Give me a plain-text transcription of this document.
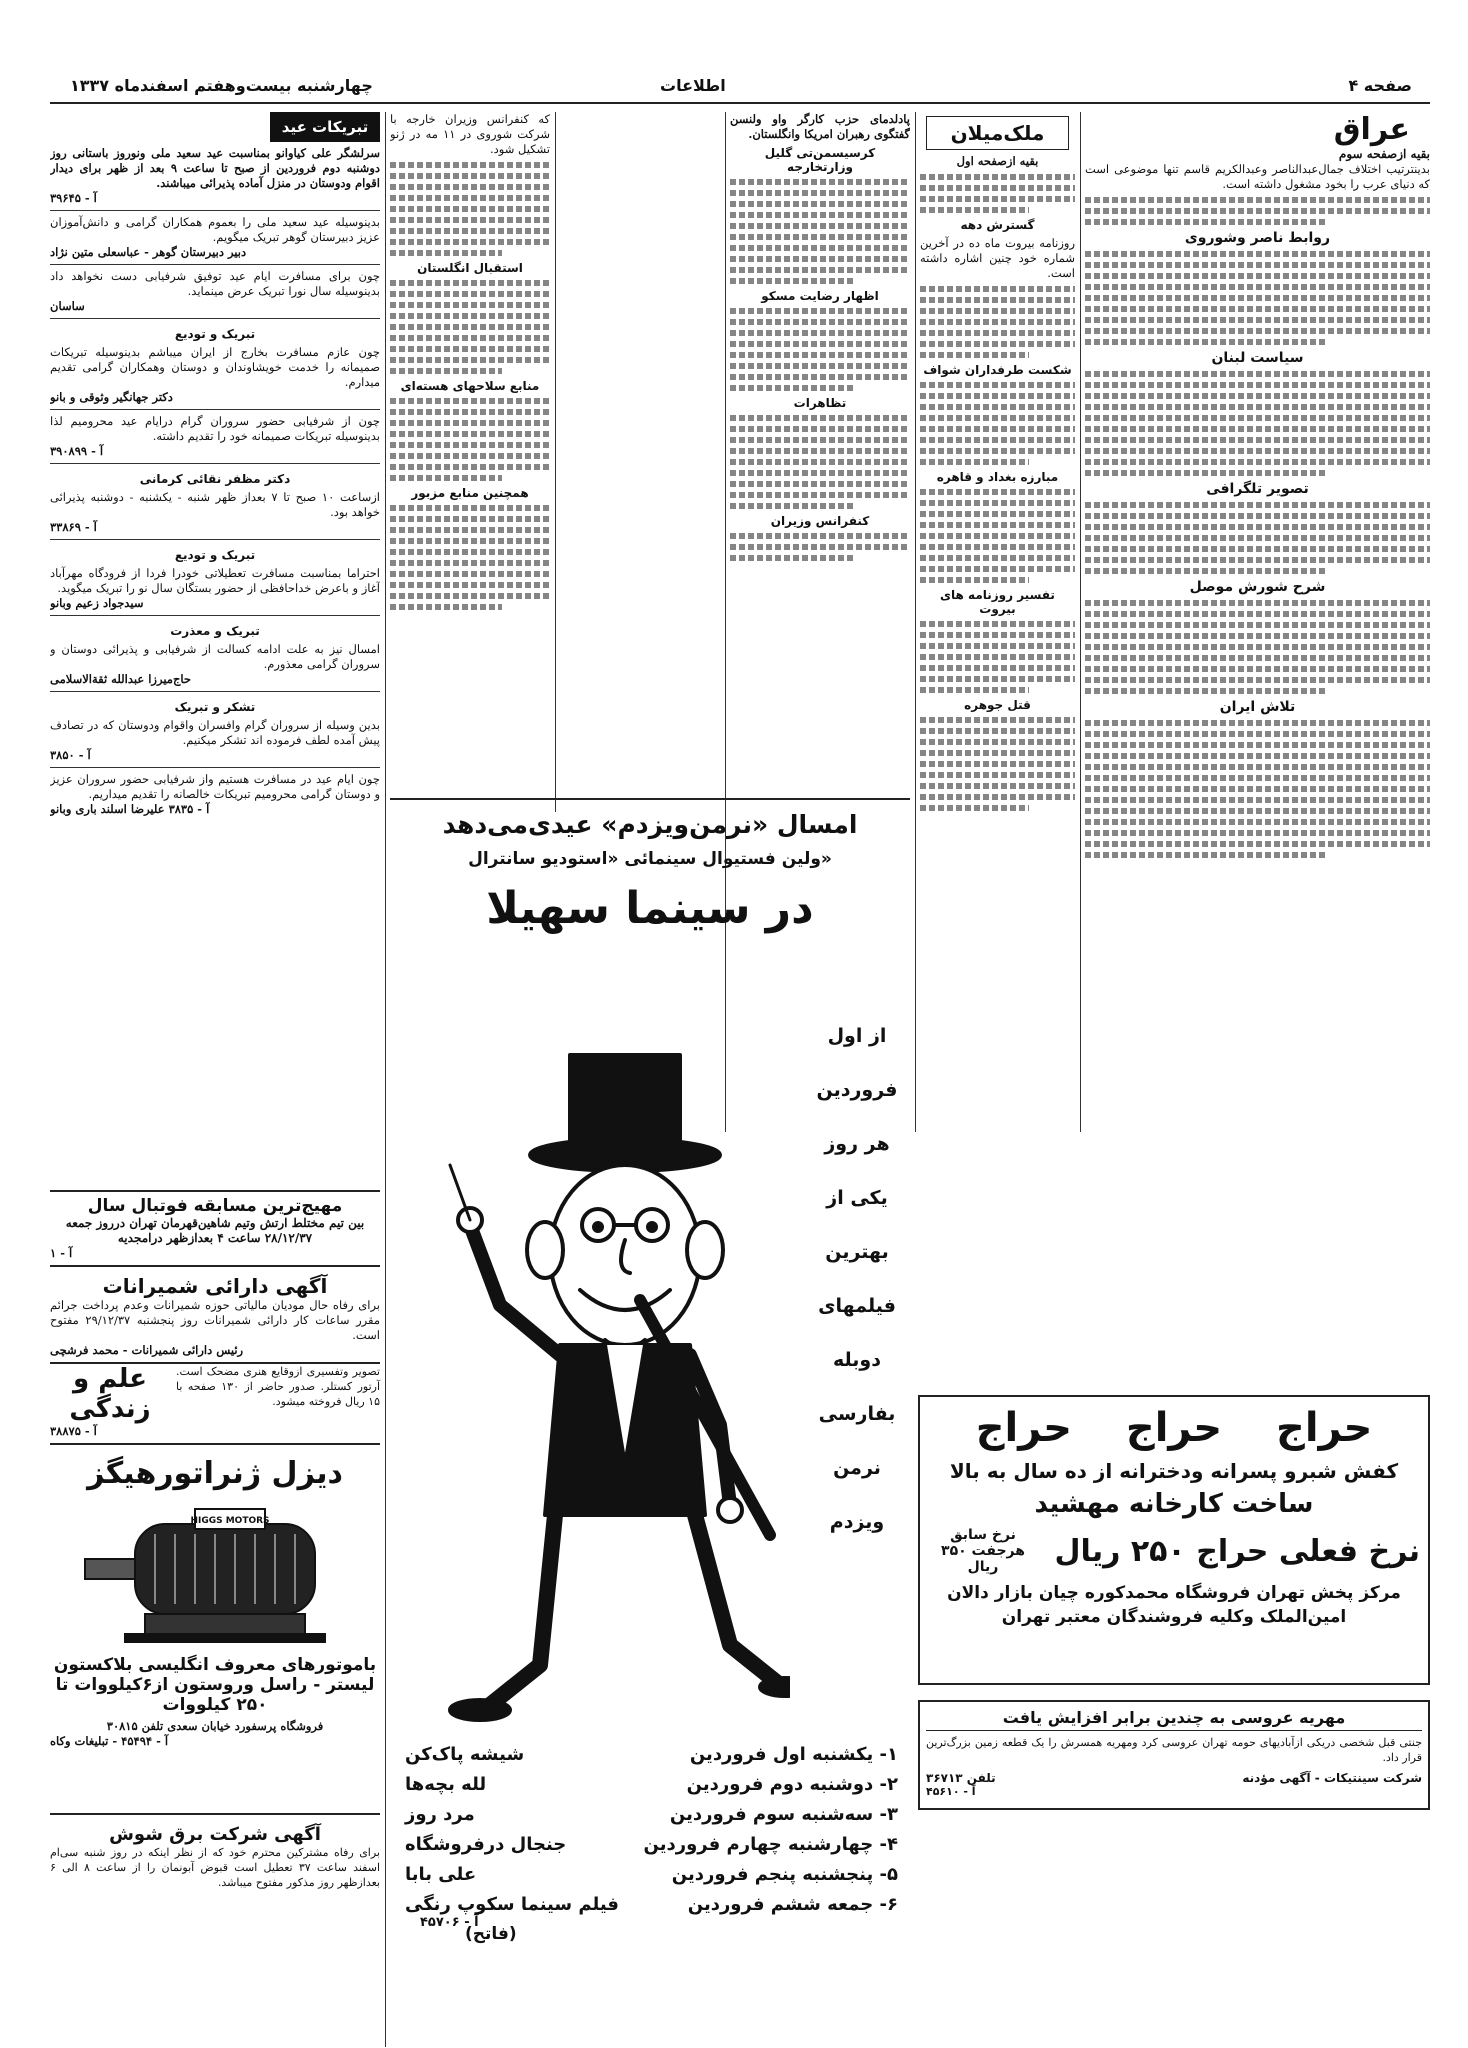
صفحه ۴
اطلاعات
چهارشنبه بیست‌وهفتم اسفندماه ۱۳۳۷
عراق
بقیه ازصفحه سوم
بدینترتیب اختلاف جمال‌عبدالناصر وعبدالکریم قاسم تنها موضوعی است که دنیای عرب را بخود مشغول داشته است.
روابط ناصر وشوروی
سیاست لبنان
تصویر تلگرافی
شرح شورش موصل
تلاش ایران
ملک‌میلان
بقیه ازصفحه اول
گسترش دهه
روزنامه بیروت ماه ده در آخرین شماره خود چنین اشاره داشته است.
شکست طرفداران شواف
مبارزه بغداد و قاهره
تفسیر روزنامه های بیروت
قتل جوهره
پادلدمای حزب کارگر واو ولنسن گفتگوی رهبران امریکا وانگلستان.
کرسیسمن‌تی گلیل وزارتخارجه
اظهار رضایت مسکو
تظاهرات
کنفرانس وزیران
که کنفرانس وزیران خارجه با شرکت شوروی در ۱۱ مه در ژنو تشکیل شود.
استقبال انگلستان
منابع سلاحهای هسته‌ای
همچنین منابع مزبور
امسال «نرمن‌ویزدم» عیدی‌می‌دهد
«ولین فستیوال سینمائی «استودیو سانترال
در سینما سهیلا
از اول
فروردین
هر روز
یکی از
بهترین
فیلمهای
دوبله
بفارسی
نرمن
ویزدم
۱- یکشنبه اول فروردین
شیشه پاک‌کن
۲- دوشنبه دوم فروردین
لله بچه‌ها
۳- سه‌شنبه سوم فروردین
مرد روز
۴- چهارشنبه چهارم فروردین
جنجال درفروشگاه
۵- پنجشنبه پنجم فروردین
علی بابا
۶- جمعه ششم فروردین
فیلم سینما سکوپ رنگی
(فاتح)
آ - ۴۵۷۰۶
حراج حراج حراج
کفش شبرو پسرانه ودخترانه از ده سال به بالا
ساخت کارخانه مهشید
نرخ فعلی حراج ۲۵۰ ریال
نرخ سابق هرجفت ۳۵۰ ریال
مرکز پخش تهران فروشگاه محمدکوره چیان بازار دالان
امین‌الملک وکلیه فروشندگان معتبر تهران
مهریه عروسی به چندین برابر افزایش یافت
جنتی قبل شخصی دریکی ازآبادیهای حومه تهران عروسی کرد ومهریه همسرش را یک قطعه زمین بزرگ‌ترین قرار داد.
شرکت سینتیکات - آگهی مؤدنه
تلفن ۳۶۷۱۳
آ - ۴۵۶۱۰
تبریکات عید
سرلشگر علی کیاوانو بمناسبت عید سعید ملی ونوروز باستانی روز دوشنبه دوم فروردین از صبح تا ساعت ۹ بعد از ظهر برای دیدار اقوام ودوستان در منزل آماده پذیرائی میباشند.
آ - ۳۹۶۴۵
بدینوسیله عید سعید ملی را بعموم همکاران گرامی و دانش‌آموزان عزیز دبیرستان گوهر تبریک میگویم.
دبیر دبیرستان گوهر - عباسعلی متین نژاد
چون برای مسافرت ایام عید توفیق شرفیابی دست نخواهد داد بدینوسیله سال نورا تبریک عرض مینماید.
ساسان
تبریک و تودیع
چون عازم مسافرت بخارج از ایران میباشم بدینوسیله تبریکات صمیمانه را خدمت خویشاوندان و دوستان وهمکاران گرامی تقدیم میدارم.
دکتر جهانگیر وثوقی و بانو
چون از شرفیابی حضور سروران گرام درایام عید محرومیم لذا بدینوسیله تبریکات صمیمانه خود را تقدیم داشته.
آ - ۳۹۰۸۹۹
دکتر مظفر نقائی کرمانی
ازساعت ۱۰ صبح تا ۷ بعداز ظهر شنبه - یکشنبه - دوشنبه پذیرائی خواهد بود.
آ - ۳۳۸۶۹
تبریک و تودیع
احتراما بمناسبت مسافرت تعطیلاتی خودرا فردا از فرودگاه مهرآباد آغاز و باعرض خداحافظی از حضور بستگان سال نو را تبریک میگوید.
سیدجواد زعیم وبانو
تبریک و معذرت
امسال نیز به علت ادامه کسالت از شرفیابی و پذیرائی دوستان و سروران گرامی معذورم.
حاج‌میرزا عبدالله ثقةالاسلامی
تشکر و تبریک
بدین وسیله از سروران گرام وافسران واقوام ودوستان که در تصادف پیش آمده لطف فرموده اند تشکر میکنیم.
آ - ۳۸۵۰
چون ایام عید در مسافرت هستیم واز شرفیابی حضور سروران عزیز و دوستان گرامی محرومیم تبریکات خالصانه را تقدیم میداریم.
آ - ۳۸۳۵ علیرضا اسلند باری وبانو
مهیج‌ترین مسابقه فوتبال سال
بین تیم مختلط ارتش وتیم شاهین‌قهرمان تهران درروز جمعه ۲۸/۱۲/۳۷ ساعت ۴ بعدازظهر درامجدیه
آ - ۱
آگهی دارائی شمیرانات
برای رفاه حال مودیان مالیاتی حوزه شمیرانات وعدم پرداخت جرائم مقرر ساعات کار دارائی شمیرانات روز پنجشنبه ۲۹/۱۲/۳۷ مفتوح است.
رئیس دارائی شمیرانات - محمد فرشچی
تصویر وتفسیری ازوقایع هنری مضحک است. آرتور کستلر. صدور حاضر از ۱۳۰ صفحه با ۱۵ ریال فروخته میشود.
علم و زندگی
آ - ۳۸۸۷۵
دیزل ژنراتورهیگز
HIGGS MOTORS
باموتورهای معروف انگلیسی بلاکستون
لیستر - راسل وروستون از۶کیلووات تا
۲۵۰ کیلووات
فروشگاه پرسفورد خیابان سعدی تلفن ۳۰۸۱۵
آ - ۴۵۴۹۴ - تبلیغات وکاه
آگهی شرکت برق شوش
برای رفاه مشترکین محترم خود که از نظر اینکه در روز شنبه سی‌ام اسفند ساعت ۳۷ تعطیل است قبوض آبونمان را از ساعت ۸ الی ۶ بعدازظهر روز مذکور مفتوح میباشد.
